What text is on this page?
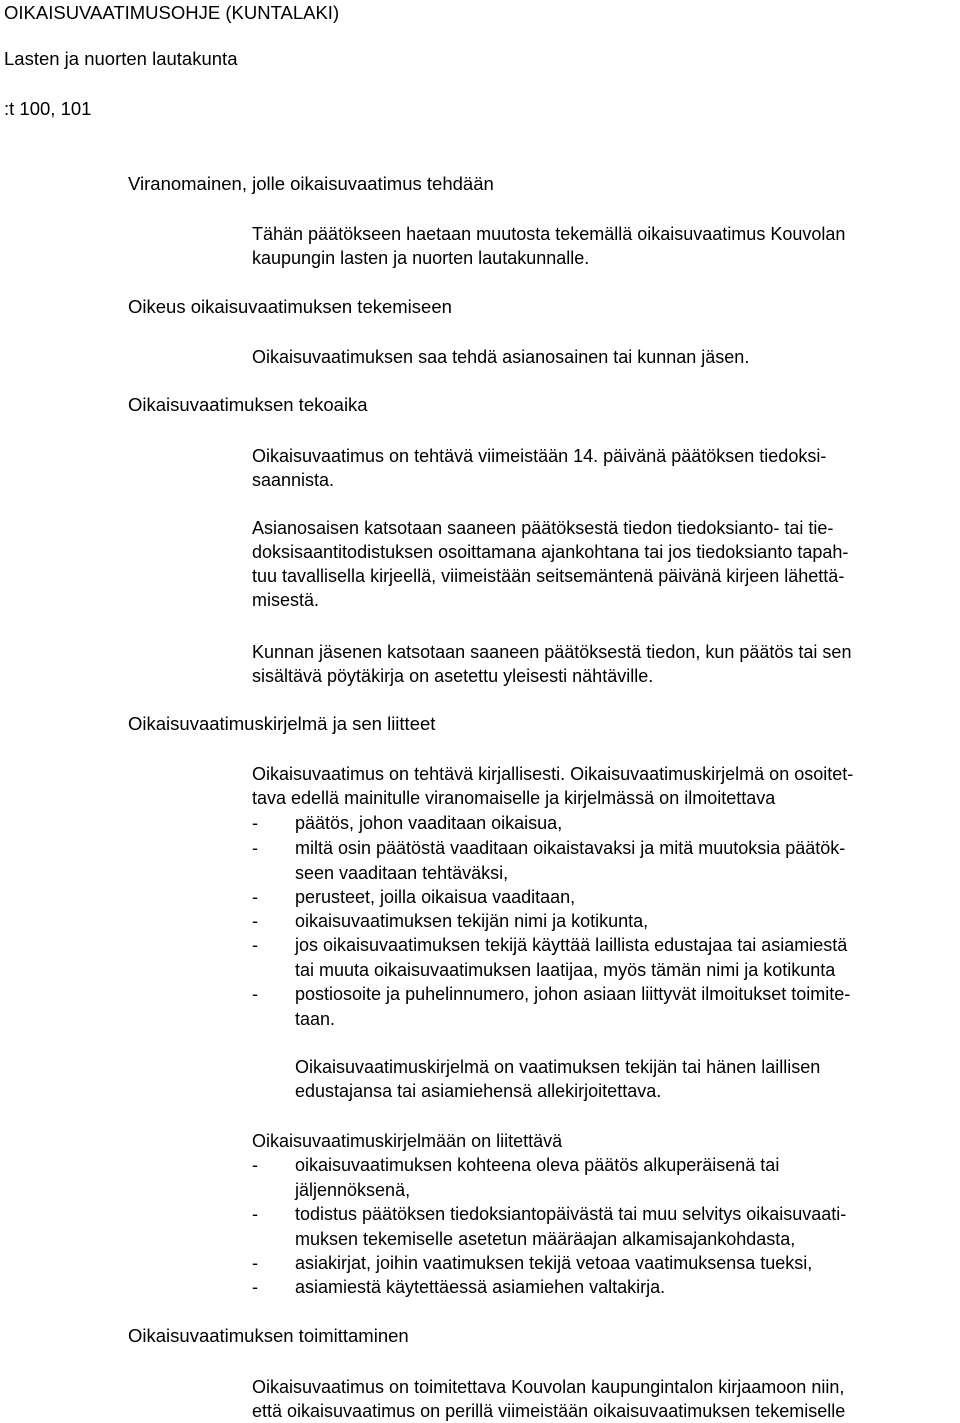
OIKAISUVAATIMUSOHJE (KUNTALAKI)
Lasten ja nuorten lautakunta
:t 100, 101
Viranomainen, jolle oikaisuvaatimus tehdään
Tähän päätökseen haetaan muutosta tekemällä oikaisuvaatimus Kouvolan
kaupungin lasten ja nuorten lautakunnalle.
Oikeus oikaisuvaatimuksen tekemiseen
Oikaisuvaatimuksen saa tehdä asianosainen tai kunnan jäsen.
Oikaisuvaatimuksen tekoaika
Oikaisuvaatimus on tehtävä viimeistään 14. päivänä päätöksen tiedoksi-
saannista.
Asianosaisen katsotaan saaneen päätöksestä tiedon tiedoksianto- tai tie-
doksisaantitodistuksen osoittamana ajankohtana tai jos tiedoksianto tapah-
tuu tavallisella kirjeellä, viimeistään seitsemäntenä päivänä kirjeen lähettä-
misestä.
Kunnan jäsenen katsotaan saaneen päätöksestä tiedon, kun päätös tai sen
sisältävä pöytäkirja on asetettu yleisesti nähtäville.
Oikaisuvaatimuskirjelmä ja sen liitteet
Oikaisuvaatimus on tehtävä kirjallisesti. Oikaisuvaatimuskirjelmä on osoitet-
tava edellä mainitulle viranomaiselle ja kirjelmässä on ilmoitettava
- päätös, johon vaaditaan oikaisua,
- miltä osin päätöstä vaaditaan oikaistavaksi ja mitä muutoksia päätök-
seen vaaditaan tehtäväksi,
- perusteet, joilla oikaisua vaaditaan,
- oikaisuvaatimuksen tekijän nimi ja kotikunta,
- jos oikaisuvaatimuksen tekijä käyttää laillista edustajaa tai asiamiestä
tai muuta oikaisuvaatimuksen laatijaa, myös tämän nimi ja kotikunta
- postiosoite ja puhelinnumero, johon asiaan liittyvät ilmoitukset toimite-
taan.
Oikaisuvaatimuskirjelmä on vaatimuksen tekijän tai hänen laillisen
edustajansa tai asiamiehensä allekirjoitettava.
Oikaisuvaatimuskirjelmään on liitettävä
- oikaisuvaatimuksen kohteena oleva päätös alkuperäisenä tai
jäljennöksenä,
- todistus päätöksen tiedoksiantopäivästä tai muu selvitys oikaisuvaati-
muksen tekemiselle asetetun määräajan alkamisajankohdasta,
- asiakirjat, joihin vaatimuksen tekijä vetoaa vaatimuksensa tueksi,
- asiamiestä käytettäessä asiamiehen valtakirja.
Oikaisuvaatimuksen toimittaminen
Oikaisuvaatimus on toimitettava Kouvolan kaupungintalon kirjaamoon niin,
että oikaisuvaatimus on perillä viimeistään oikaisuvaatimuksen tekemiselle
